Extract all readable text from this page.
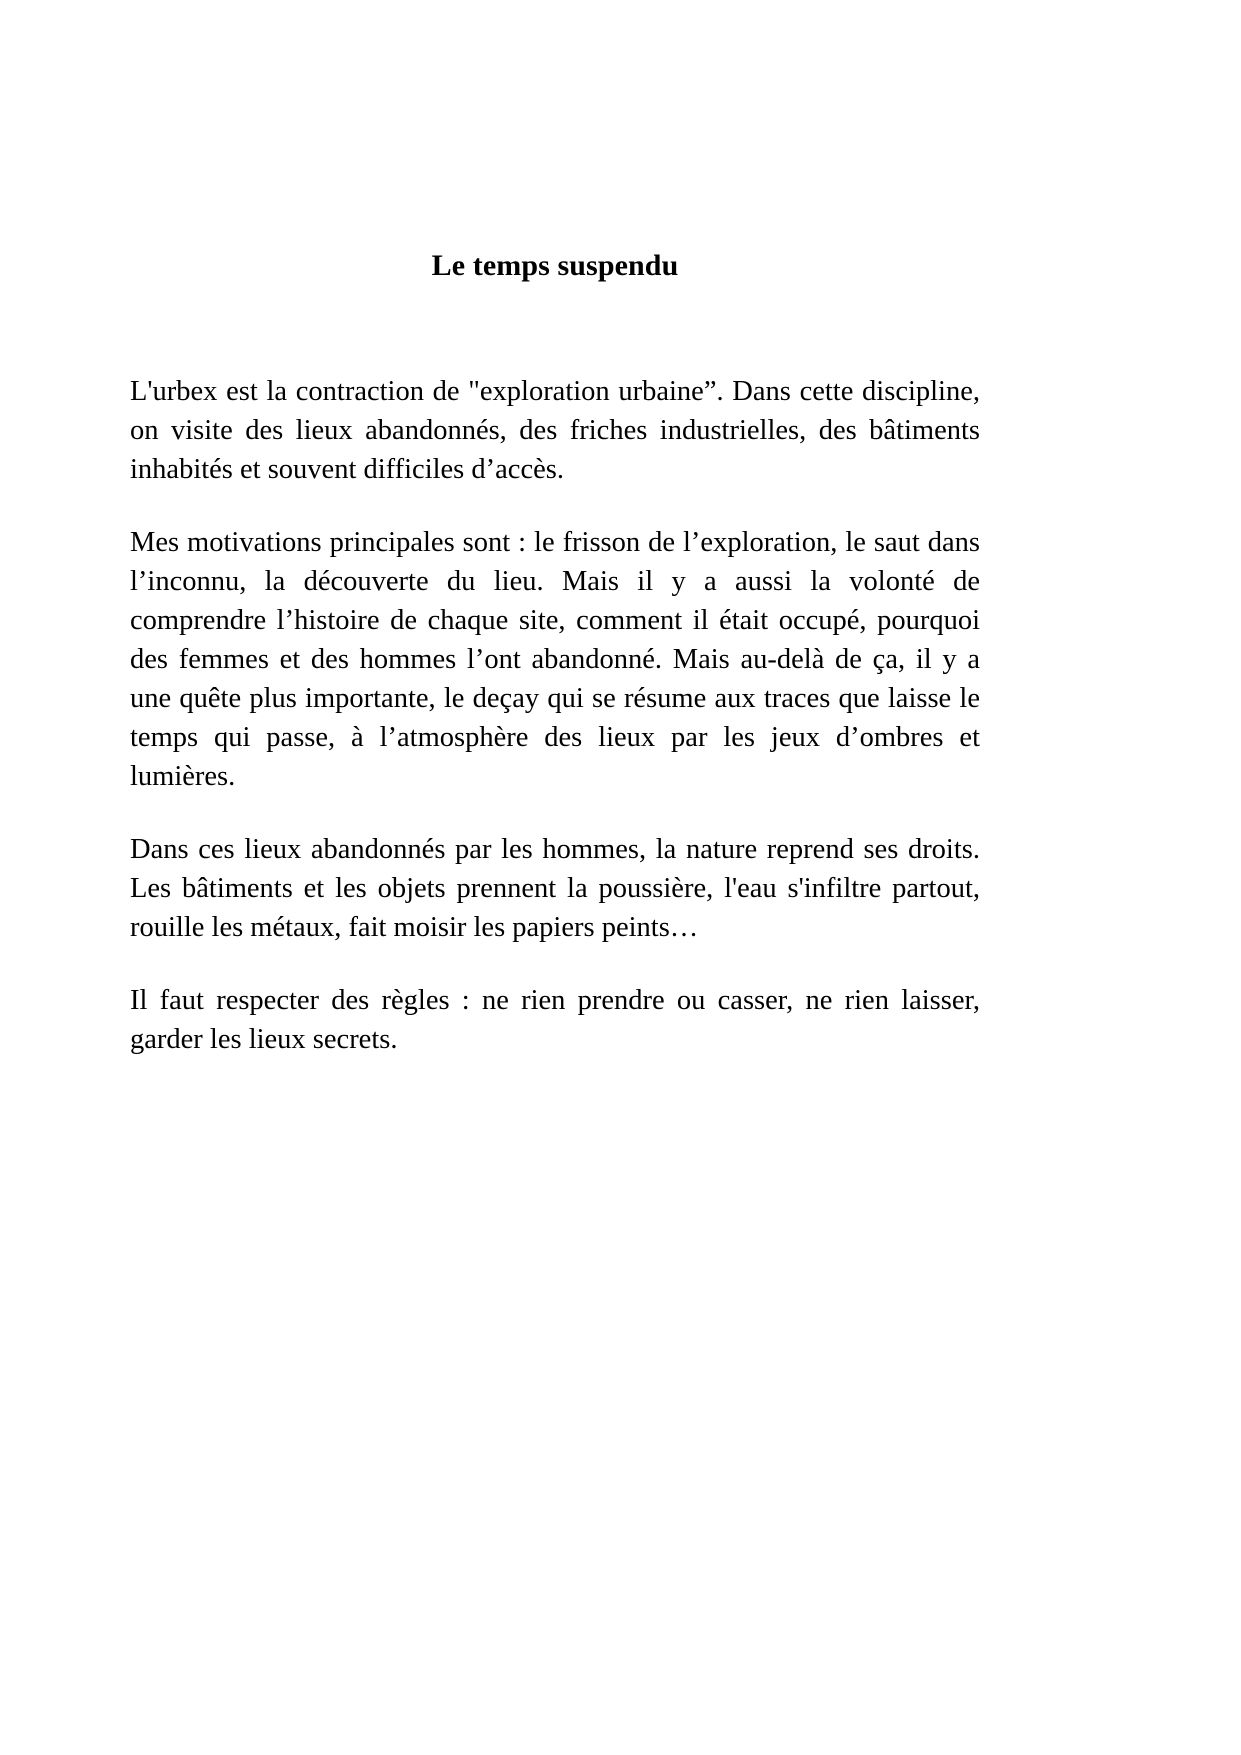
Le temps suspendu

L'urbex est la contraction de "exploration urbaine”. Dans cette discipline, on visite des lieux abandonnés, des friches industrielles, des bâtiments inhabités et souvent difficiles d’accès.

Mes motivations principales sont : le frisson de l’exploration, le saut dans l’inconnu, la découverte du lieu. Mais il y a aussi la volonté de comprendre l’histoire de chaque site, comment il était occupé, pourquoi des femmes et des hommes l’ont abandonné. Mais au-delà de ça, il y a une quête plus importante, le deçay qui se résume aux traces que laisse le temps qui passe, à l’atmosphère des lieux par les jeux d’ombres et lumières.

Dans ces lieux abandonnés par les hommes, la nature reprend ses droits. Les bâtiments et les objets prennent la poussière, l'eau s'infiltre partout, rouille les métaux, fait moisir les papiers peints…

Il faut respecter des règles : ne rien prendre ou casser, ne rien laisser, garder les lieux secrets.
